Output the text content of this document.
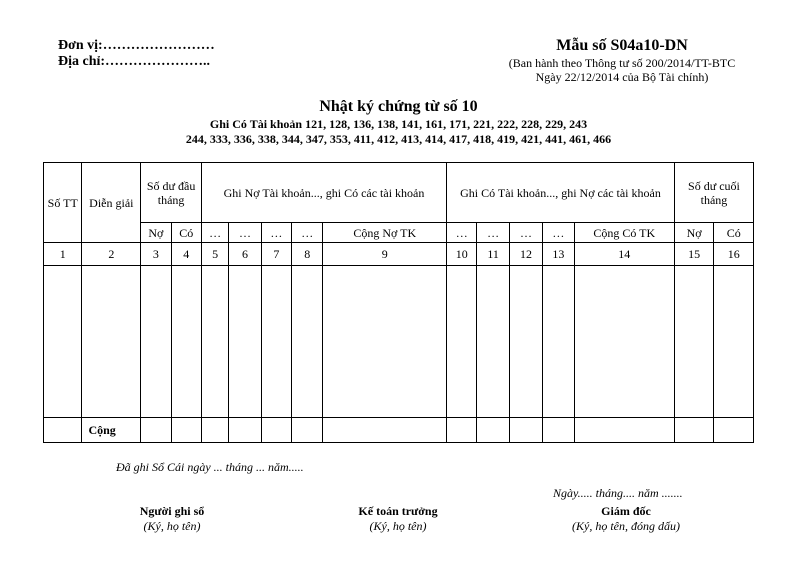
Đơn vị:……………………
Địa chỉ:…………………..
Mẫu số S04a10-DN
(Ban hành theo Thông tư số 200/2014/TT-BTC
Ngày 22/12/2014 của Bộ Tài chính)
Nhật ký chứng từ số 10
Ghi Có Tài khoản 121, 128, 136, 138, 141, 161, 171, 221, 222, 228, 229, 243
244, 333, 336, 338, 344, 347, 353, 411, 412, 413, 414, 417, 418, 419, 421, 441, 461, 466
Số TT	Diễn giải	Số dư đầu tháng		Ghi Nợ Tài khoản..., ghi Có các tài khoản					Ghi Có Tài khoản..., ghi Nợ các tài khoản					Số dư cuối tháng	
		Nợ	Có	…	…	…	…	Cộng Nợ TK	…	…	…	…	Cộng Có TK	Nợ	Có
1	2	3	4	5	6	7	8	9	10	11	12	13	14	15	16

	Cộng														
Đã ghi Sổ Cái ngày ... tháng ... năm.....
Ngày..... tháng.... năm .......
Người ghi sổ
(Ký, họ tên)
Kế toán trưởng
(Ký, họ tên)
Giám đốc
(Ký, họ tên, đóng dấu)
